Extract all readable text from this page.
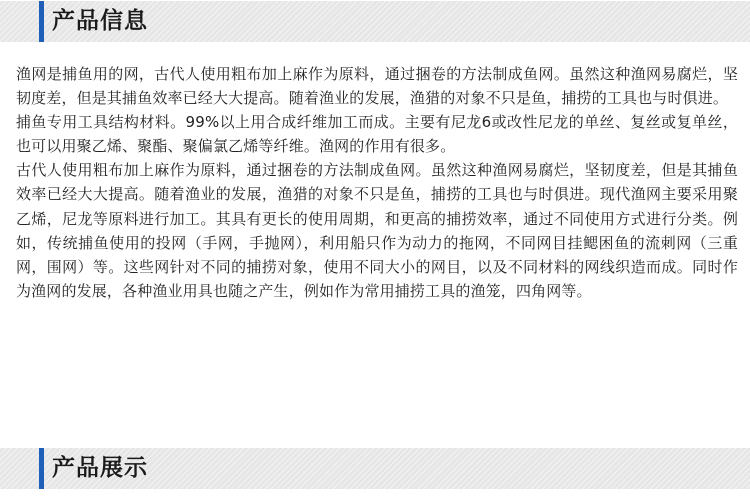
产品信息

渔网是捕鱼用的网，古代人使用粗布加上麻作为原料，通过捆卷的方法制成鱼网。虽然这种渔网易腐烂，坚韧度差，但是其捕鱼效率已经大大提高。随着渔业的发展，渔猎的对象不只是鱼，捕捞的工具也与时俱进。

捕鱼专用工具结构材料。99%以上用合成纤维加工而成。主要有尼龙6或改性尼龙的单丝、复丝或复单丝，也可以用聚乙烯、聚酯、聚偏氯乙烯等纤维。渔网的作用有很多。

古代人使用粗布加上麻作为原料，通过捆卷的方法制成鱼网。虽然这种渔网易腐烂，坚韧度差，但是其捕鱼效率已经大大提高。随着渔业的发展，渔猎的对象不只是鱼，捕捞的工具也与时俱进。现代渔网主要采用聚乙烯，尼龙等原料进行加工。其具有更长的使用周期，和更高的捕捞效率，通过不同使用方式进行分类。例如，传统捕鱼使用的投网（手网，手抛网），利用船只作为动力的拖网，不同网目挂鳃困鱼的流刺网（三重网，围网）等。这些网针对不同的捕捞对象，使用不同大小的网目，以及不同材料的网线织造而成。同时作为渔网的发展，各种渔业用具也随之产生，例如作为常用捕捞工具的渔笼，四角网等。

产品展示
